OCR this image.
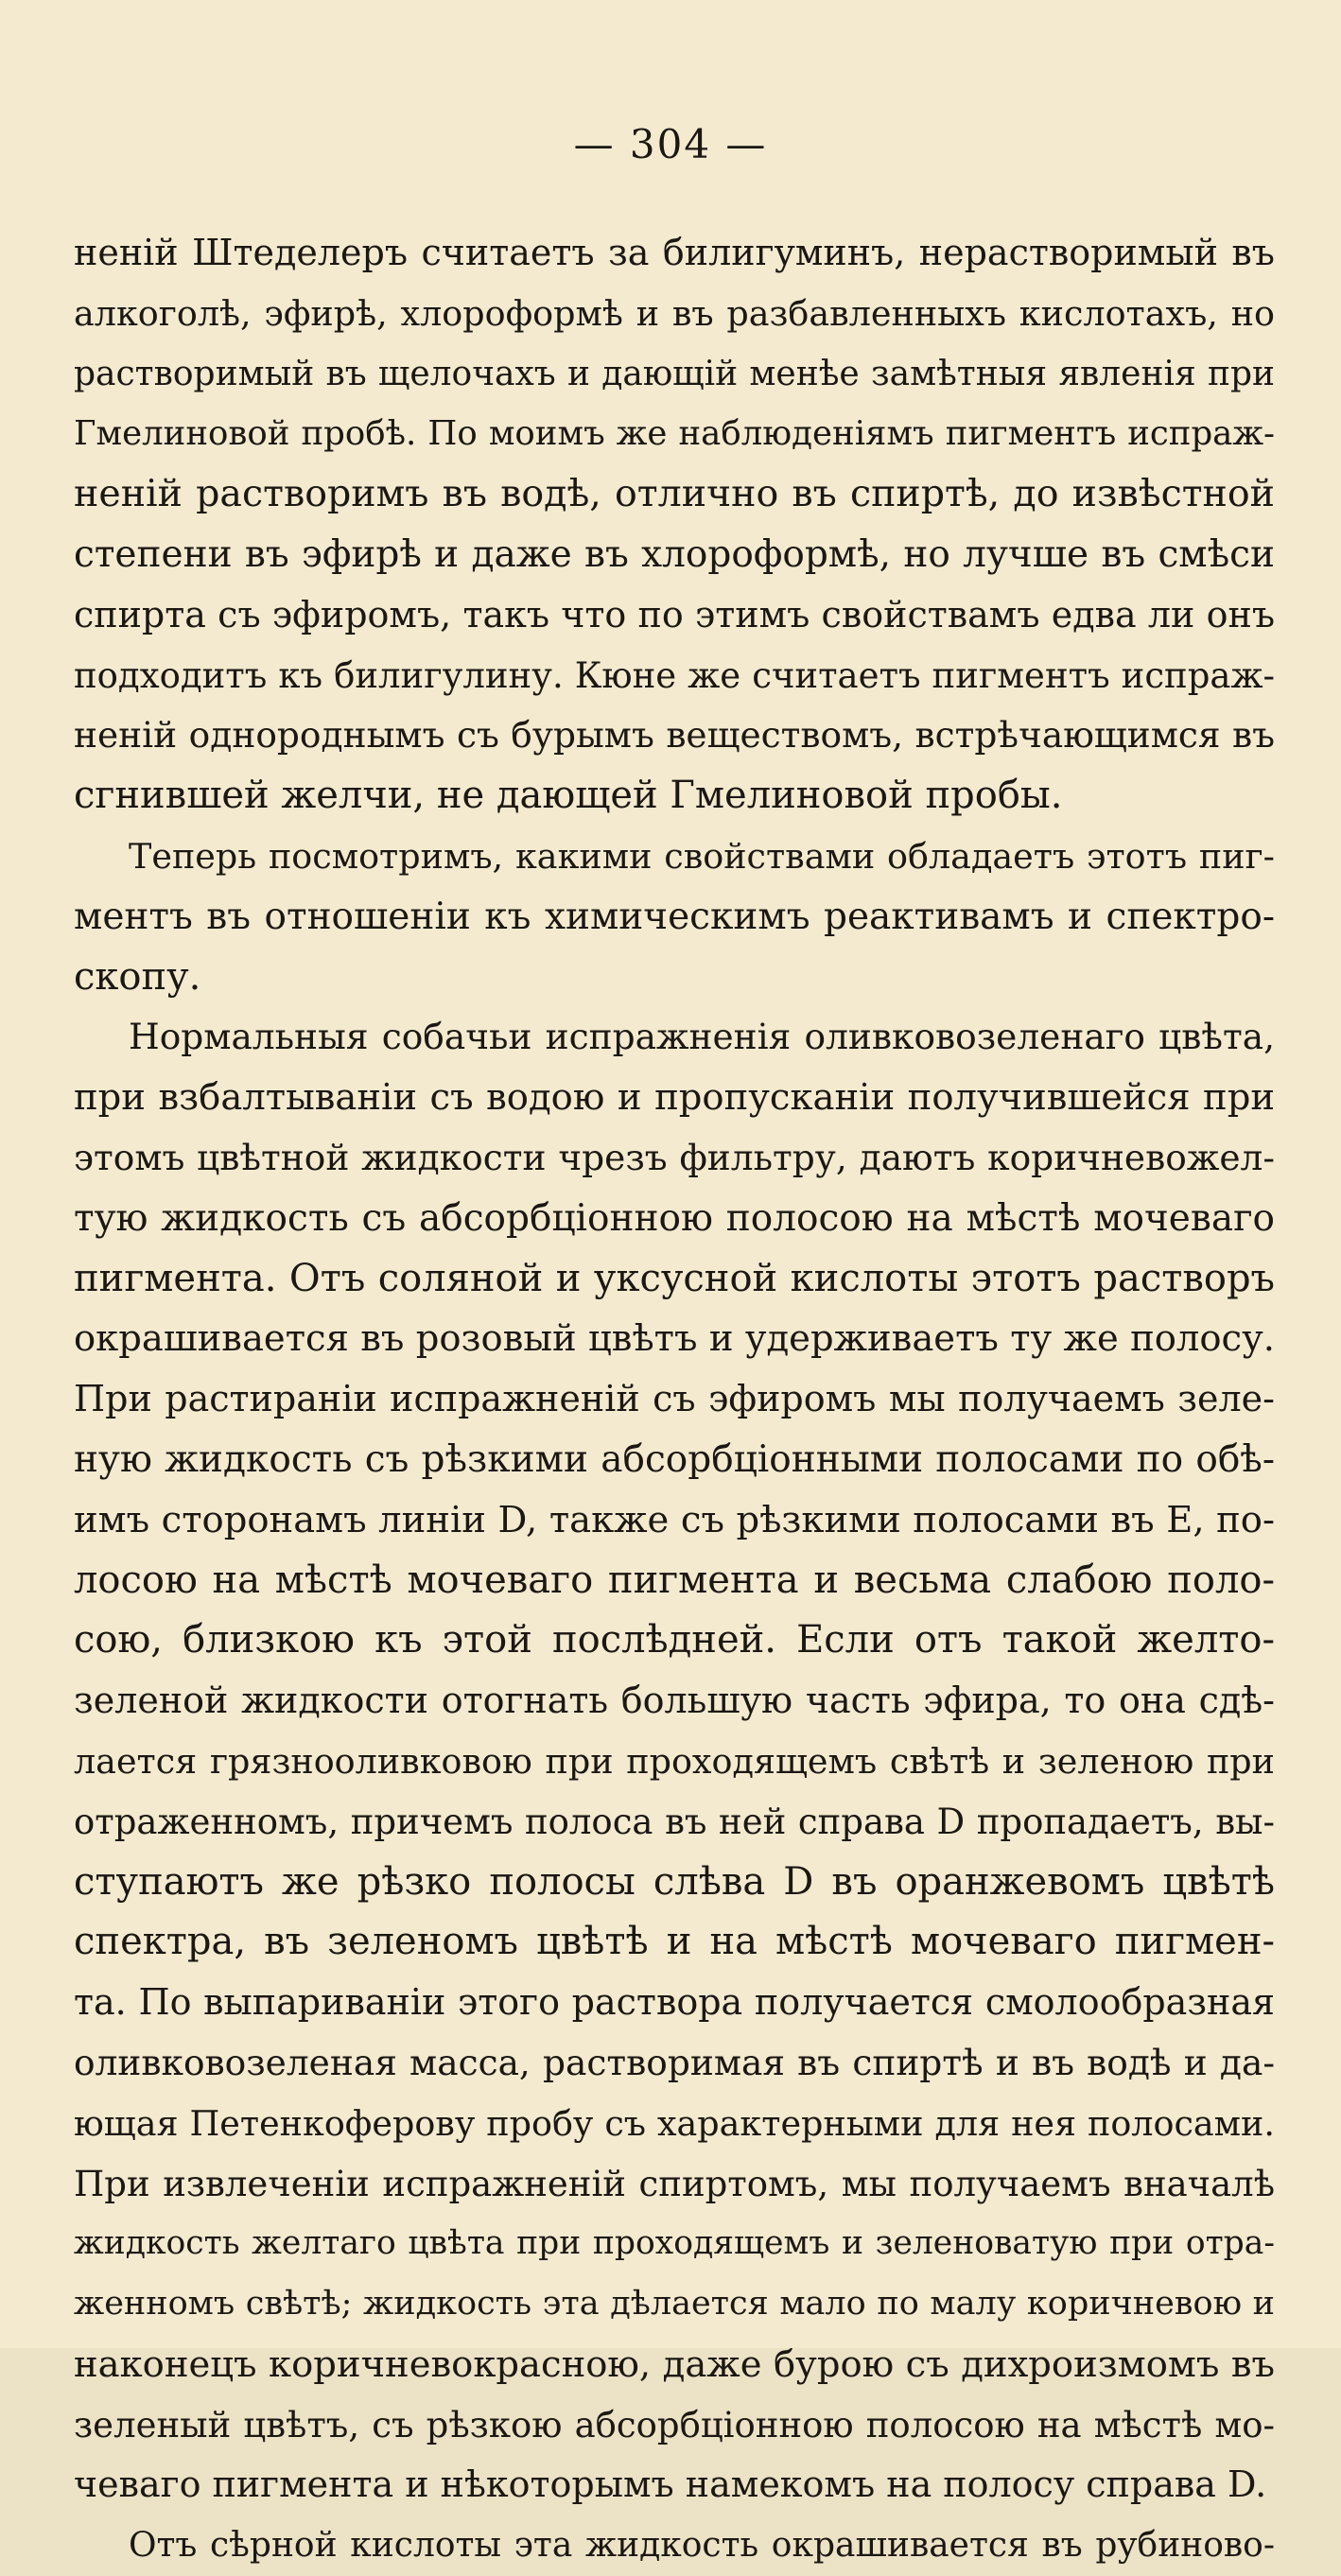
— 304 —
неній Штеделеръ считаетъ за билигуминъ, нерастворимый въ
алкоголѣ, эфирѣ, хлороформѣ и въ разбавленныхъ кислотахъ, но
растворимый въ щелочахъ и дающій менѣе замѣтныя явленія при
Гмелиновой пробѣ. По моимъ же наблюденіямъ пигментъ испраж-
неній растворимъ въ водѣ, отлично въ спиртѣ, до извѣстной
степени въ эфирѣ и даже въ хлороформѣ, но лучше въ смѣси
спирта съ эфиромъ, такъ что по этимъ свойствамъ едва ли онъ
подходитъ къ билигулину. Кюне же считаетъ пигментъ испраж-
неній однороднымъ съ бурымъ веществомъ, встрѣчающимся въ
сгнившей желчи, не дающей Гмелиновой пробы.
Теперь посмотримъ, какими свойствами обладаетъ этотъ пиг-
ментъ въ отношеніи къ химическимъ реактивамъ и спектро-
скопу.
Нормальныя собачьи испражненія оливковозеленаго цвѣта,
при взбалтываніи съ водою и пропусканіи получившейся при
этомъ цвѣтной жидкости чрезъ фильтру, даютъ коричневожел-
тую жидкость съ абсорбціонною полосою на мѣстѣ мочеваго
пигмента. Отъ соляной и уксусной кислоты этотъ растворъ
окрашивается въ розовый цвѣтъ и удерживаетъ ту же полосу.
При растираніи испражненій съ эфиромъ мы получаемъ зеле-
ную жидкость съ рѣзкими абсорбціонными полосами по обѣ-
имъ сторонамъ линіи D, также съ рѣзкими полосами въ E, по-
лосою на мѣстѣ мочеваго пигмента и весьма слабою поло-
сою, близкою къ этой послѣдней. Если отъ такой желто-
зеленой жидкости отогнать большую часть эфира, то она сдѣ-
лается грязнооливковою при проходящемъ свѣтѣ и зеленою при
отраженномъ, причемъ полоса въ ней справа D пропадаетъ, вы-
ступаютъ же рѣзко полосы слѣва D въ оранжевомъ цвѣтѣ
спектра, въ зеленомъ цвѣтѣ и на мѣстѣ мочеваго пигмен-
та. По выпариваніи этого раствора получается смолообразная
оливковозеленая масса, растворимая въ спиртѣ и въ водѣ и да-
ющая Петенкоферову пробу съ характерными для нея полосами.
При извлеченіи испражненій спиртомъ, мы получаемъ вначалѣ
жидкость желтаго цвѣта при проходящемъ и зеленоватую при отра-
женномъ свѣтѣ; жидкость эта дѣлается мало по малу коричневою и
наконецъ коричневокрасною, даже бурою съ дихроизмомъ въ
зеленый цвѣтъ, съ рѣзкою абсорбціонною полосою на мѣстѣ мо-
чеваго пигмента и нѣкоторымъ намекомъ на полосу справа D.
Отъ сѣрной кислоты эта жидкость окрашивается въ рубиново-
